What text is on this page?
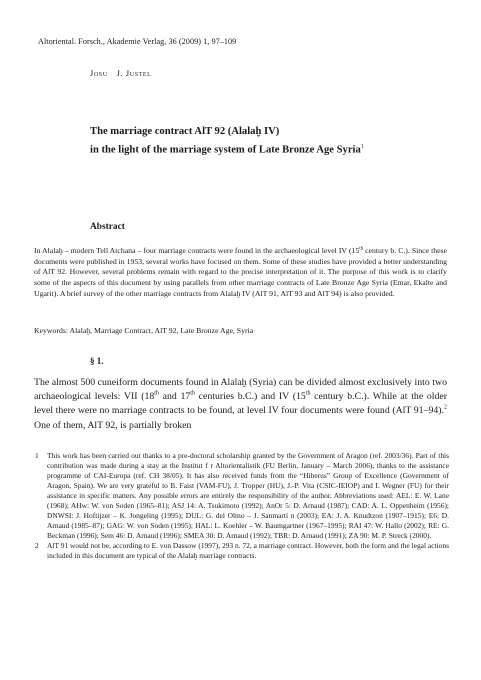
Altoriental. Forsch., Akademie Verlag, 36 (2009) 1, 97–109
Josu J. Justel
The marriage contract AlT 92 (Alalaḫ IV)
in the light of the marriage system of Late Bronze Age Syria$^1$
Abstract

In Alalaḫ – modern Tell Atchana – four marriage contracts were found in the archaeological level IV (15th century b. C.). Since these documents were published in 1953, several works have focused on them. Some of these studies have provided a better understanding of AlT 92. However, several problems remain with regard to the precise interpretation of it. The purpose of this work is to clarify some of the aspects of this document by using parallels from other marriage contracts of Late Bronze Age Syria (Emar, Ekalte and Ugarit). A brief survey of the other marriage contracts from Alalaḫ IV (AlT 91, AlT 93 and AlT 94) is also provided.

Keywords: Alalaḫ, Marriage Contract, AlT 92, Late Bronze Age, Syria
§ 1.

The almost 500 cuneiform documents found in Alalaḫ (Syria) can be divided almost exclusively into two archaeological levels: VII (18th and 17th centuries b.C.) and IV (15th century b.C.). While at the older level there were no marriage contracts to be found, at level IV four documents were found (AlT 91–94).$^2$ One of them, AlT 92, is partially broken

1	This work has been carried out thanks to a pre-doctoral scholarship granted by the Government of Aragon (ref. 2003/36). Part of this contribution was made during a stay at the Institut f r Altorientalistik (FU Berlin, January – March 2006), thanks to the assistance programme of CAI-Europa (ref. CH 38/05). It has also received funds from the “Hiberus” Group of Excellence (Government of Aragon, Spain). We are very grateful to B. Faist (VAM-FU), J. Tropper (HU), J.-P. Vita (CSIC-IEIOP) and I. Wegner (FU) for their assistance in specific matters. Any possible errors are entirely the responsibility of the author. Abbreviations used: AEL: E. W. Lane (1968); AHw: W. von Soden (1965–81); ASJ 14: A. Tsukimoto (1992); AnOr 5: D. Arnaud (1987); CAD: A. L. Oppenheim (1956); DNWSI: J. Hoftijzer – K. Jongeling (1995); DUL: G. del Olmo – J. Sanmartí n (2003); EA: J. A. Knudtzon (1907–1915); E6: D. Arnaud (1985–87); GAG: W. von Soden (1995); HAL: L. Koehler – W. Baumgartner (1967–1995); RAI 47: W. Hallo (2002); RE: G. Beckman (1996); Sem 46: D. Arnaud (1996); SMEA 30: D. Arnaud (1992); TBR: D. Arnaud (1991); ZA 90: M. P. Streck (2000).
2	AlT 91 would not be, according to E. von Dassow (1997), 293 n. 72, a marriage contract. However, both the form and the legal actions included in this document are typical of the Alalaḫ marriage contracts.
